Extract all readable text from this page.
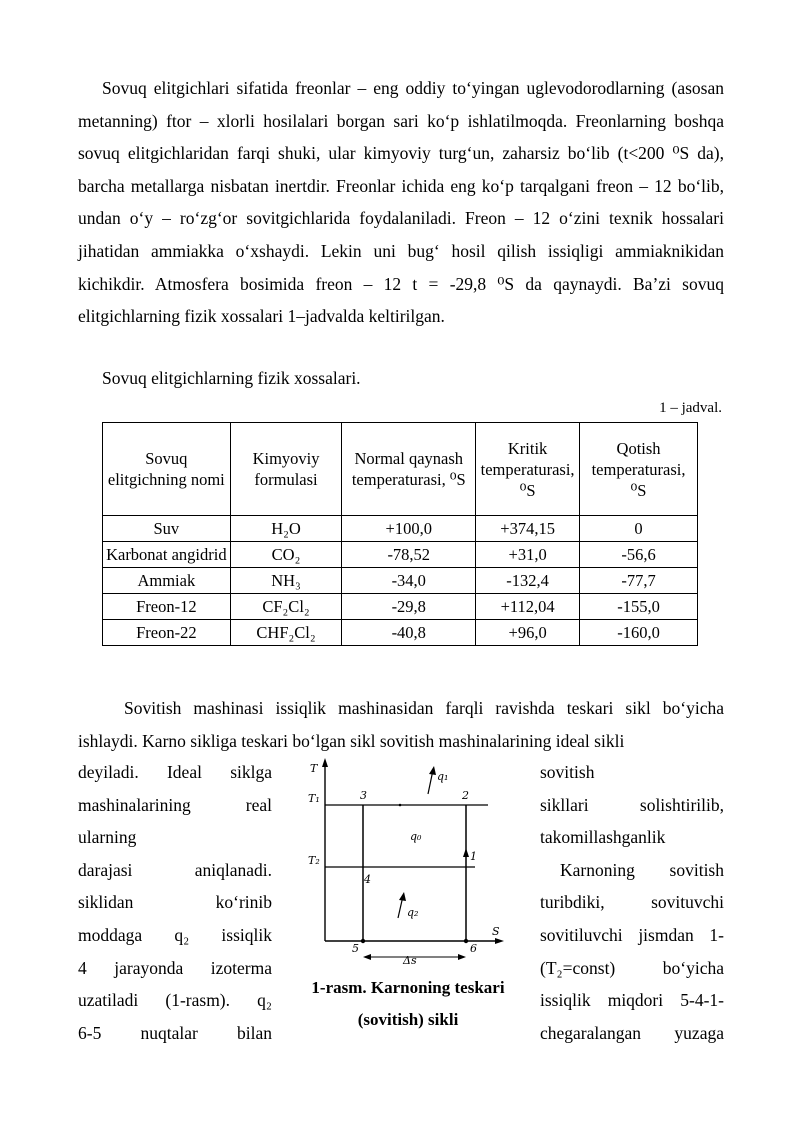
Sovuq elitgichlari sifatida freonlar – eng oddiy to‘yingan uglevodorodlarning (asosan metanning) ftor – xlorli hosilalari borgan sari ko‘p ishlatilmoqda. Freonlarning boshqa sovuq elitgichlaridan farqi shuki, ular kimyoviy turg‘un, zaharsiz bo‘lib (t<200 ⁰S da), barcha metallarga nisbatan inertdir. Freonlar ichida eng ko‘p tarqalgani freon – 12 bo‘lib, undan o‘y – ro‘zg‘or sovitgichlarida foydalaniladi. Freon – 12 o‘zini texnik hossalari jihatidan ammiakka o‘xshaydi. Lekin uni bug‘ hosil qilish issiqligi ammiaknikidan kichikdir. Atmosfera bosimida freon – 12 t = -29,8 ⁰S da qaynaydi. Ba’zi sovuq elitgichlarning fizik xossalari 1–jadvalda keltirilgan.

Sovuq elitgichlarning fizik xossalari.

1 – jadval.

Sovuq elitgichning nomi	Kimyoviy formulasi	Normal qaynash temperaturasi, ⁰S	Kritik temperaturasi, ⁰S	Qotish temperaturasi, ⁰S
Suv	H₂O	+100,0	+374,15	0
Karbonat angidrid	CO₂	-78,52	+31,0	-56,6
Ammiak	NH₃	-34,0	-132,4	-77,7
Freon-12	CF₂Cl₂	-29,8	+112,04	-155,0
Freon-22	CHF₂Cl₂	-40,8	+96,0	-160,0

Sovitish mashinasi issiqlik mashinasidan farqli ravishda teskari sikl bo‘yicha ishlaydi. Karno sikliga teskari bo‘lgan sikl sovitish mashinalarining ideal sikli

deyiladi. Ideal siklga
mashinalarining real
ularning
darajasi aniqlanadi.
siklidan ko‘rinib
moddaga q₂ issiqlik
4 jarayonda izoterma
uzatiladi (1-rasm). q₂
6-5 nuqtalar bilan
sovitish
sikllari solishtirilib,
takomillashganlik
Karnoning sovitish
turibdiki, sovituvchi
sovitiluvchi jismdan 1-
(T₂=const) bo‘yicha
issiqlik miqdori 5-4-1-
chegaralangan yuzaga
T
S
T₁
T₂
q₁
q₀
q₂
Δs
1
2
3
4
5	6
1-rasm. Karnoning teskari (sovitish) sikli
